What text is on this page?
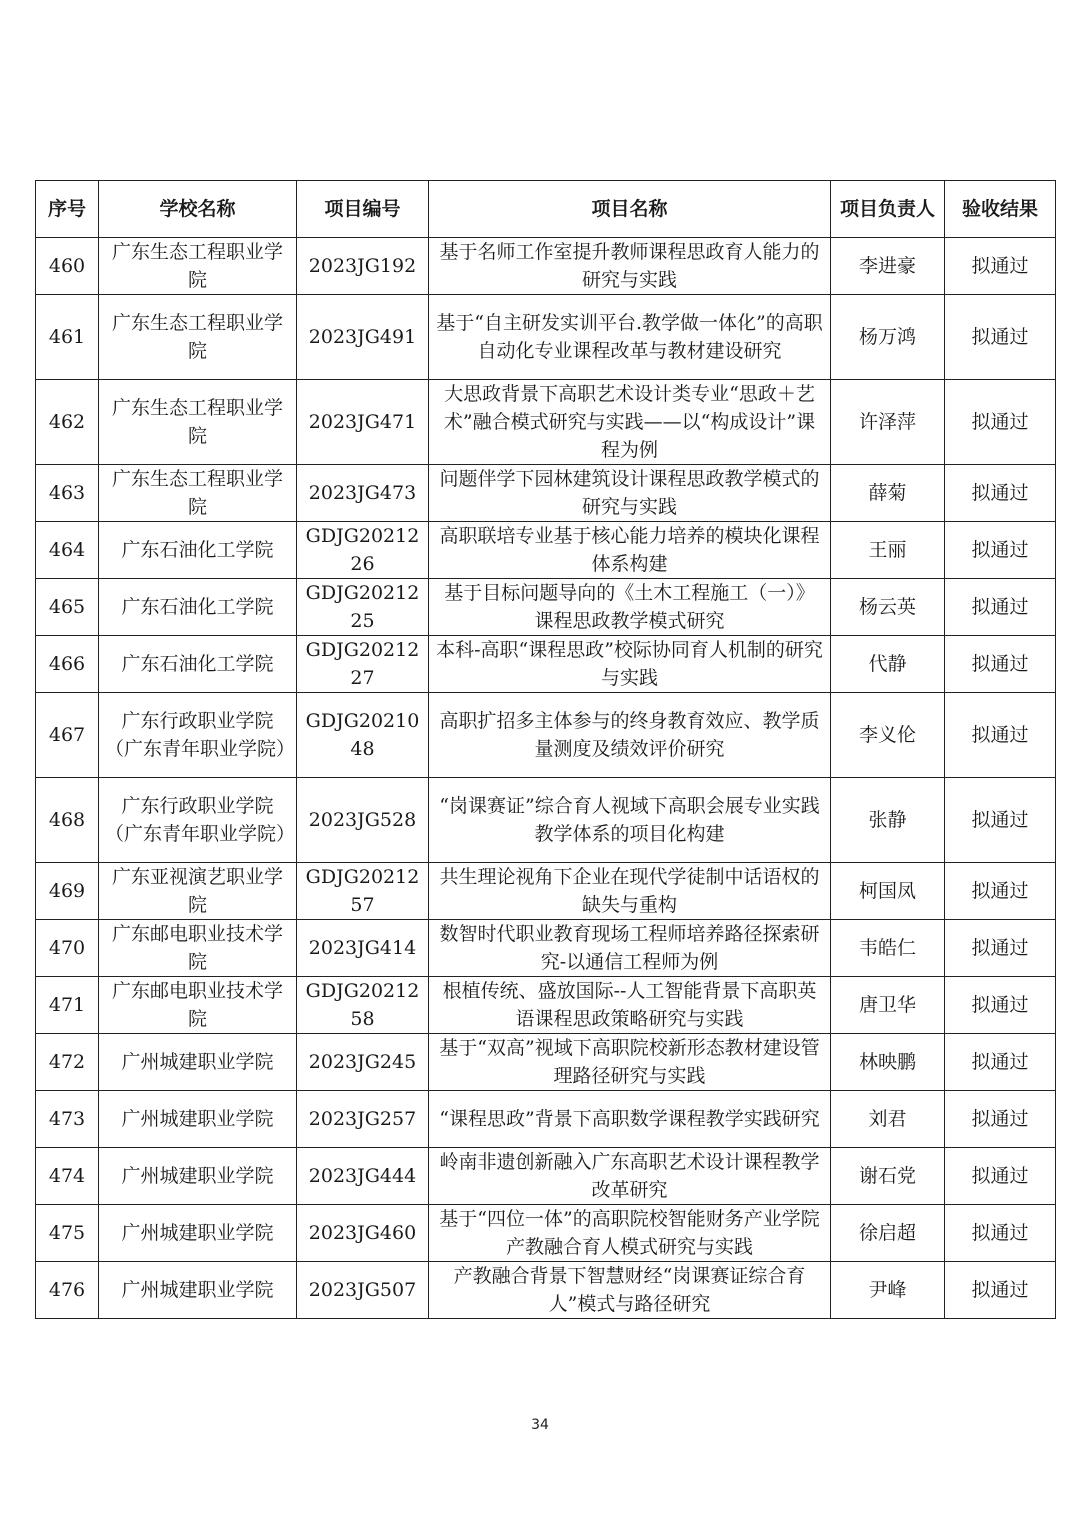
序号	学校名称	项目编号	项目名称	项目负责人	验收结果
460	广东生态工程职业学院	2023JG192	基于名师工作室提升教师课程思政育人能力的研究与实践	李进豪	拟通过
461	广东生态工程职业学院	2023JG491	基于“自主研发实训平台.教学做一体化”的高职自动化专业课程改革与教材建设研究	杨万鸿	拟通过
462	广东生态工程职业学院	2023JG471	大思政背景下高职艺术设计类专业“思政＋艺术”融合模式研究与实践——以“构成设计”课程为例	许泽萍	拟通过
463	广东生态工程职业学院	2023JG473	问题伴学下园林建筑设计课程思政教学模式的研究与实践	薛菊	拟通过
464	广东石油化工学院	GDJG2021226	高职联培专业基于核心能力培养的模块化课程体系构建	王丽	拟通过
465	广东石油化工学院	GDJG2021225	基于目标问题导向的《土木工程施工（一）》课程思政教学模式研究	杨云英	拟通过
466	广东石油化工学院	GDJG2021227	本科-高职“课程思政”校际协同育人机制的研究与实践	代静	拟通过
467	广东行政职业学院（广东青年职业学院）	GDJG2021048	高职扩招多主体参与的终身教育效应、教学质量测度及绩效评价研究	李义伦	拟通过
468	广东行政职业学院（广东青年职业学院）	2023JG528	“岗课赛证”综合育人视域下高职会展专业实践教学体系的项目化构建	张静	拟通过
469	广东亚视演艺职业学院	GDJG2021257	共生理论视角下企业在现代学徒制中话语权的缺失与重构	柯国凤	拟通过
470	广东邮电职业技术学院	2023JG414	数智时代职业教育现场工程师培养路径探索研究-以通信工程师为例	韦皓仁	拟通过
471	广东邮电职业技术学院	GDJG2021258	根植传统、盛放国际--人工智能背景下高职英语课程思政策略研究与实践	唐卫华	拟通过
472	广州城建职业学院	2023JG245	基于“双高”视域下高职院校新形态教材建设管理路径研究与实践	林映鹏	拟通过
473	广州城建职业学院	2023JG257	“课程思政”背景下高职数学课程教学实践研究	刘君	拟通过
474	广州城建职业学院	2023JG444	岭南非遗创新融入广东高职艺术设计课程教学改革研究	谢石党	拟通过
475	广州城建职业学院	2023JG460	基于“四位一体”的高职院校智能财务产业学院产教融合育人模式研究与实践	徐启超	拟通过
476	广州城建职业学院	2023JG507	产教融合背景下智慧财经“岗课赛证综合育人”模式与路径研究	尹峰	拟通过
34
